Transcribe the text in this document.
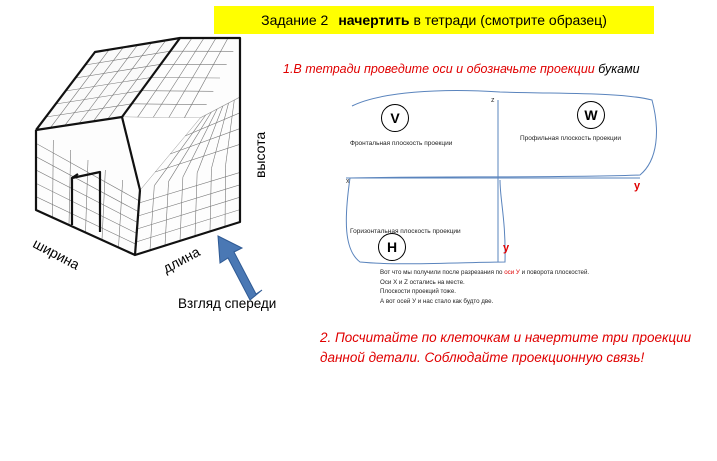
Задание 2 начертить в тетради (смотрите образец)
1.В тетради проведите оси и обозначьте проекции буками
ширина	длина
высота
Взгляд спереди
V	W
H
Фронтальная плоскость проекции
Профильная плоскость проекции
Горизонтальная плоскость проекции
x
z
у
у
Вот что мы получили после разрезания по оси У и поворота плоскостей.
Оси X и Z остались на месте.
Плоскости проекций тоже.
А вот осей У и нас стало как будто две.
2. Посчитайте по клеточкам и начертите три проекции данной детали. Соблюдайте проекционную связь!
